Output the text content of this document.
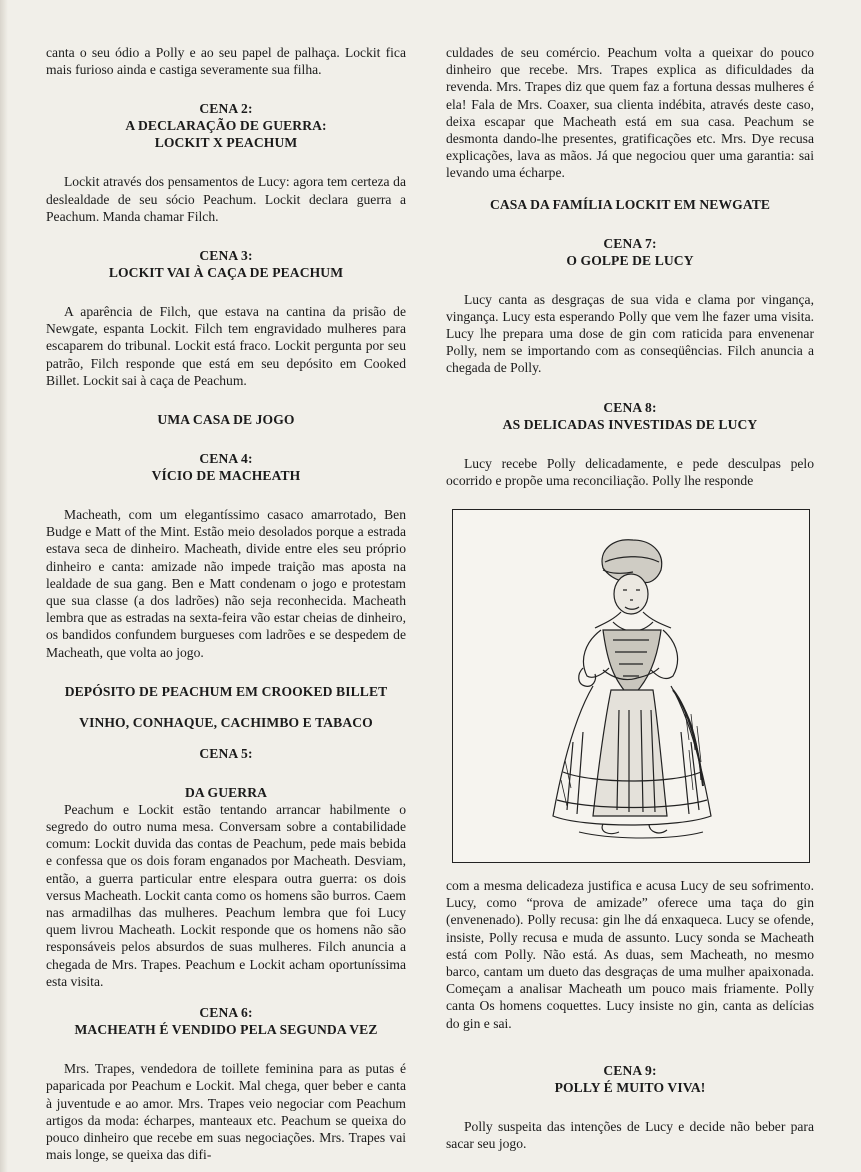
canta o seu ódio a Polly e ao seu papel de palhaça. Lockit fica mais furioso ainda e castiga severamente sua filha.

CENA 2:
A DECLARAÇÃO DE GUERRA:
LOCKIT X PEACHUM

Lockit através dos pensamentos de Lucy: agora tem certeza da deslealdade de seu sócio Peachum. Lockit declara guerra a Peachum. Manda chamar Filch.

CENA 3:
LOCKIT VAI À CAÇA DE PEACHUM

A aparência de Filch, que estava na cantina da prisão de Newgate, espanta Lockit. Filch tem engravidado mulheres para escaparem do tribunal. Lockit está fraco. Lockit pergunta por seu patrão, Filch responde que está em seu depósito em Cooked Billet. Lockit sai à caça de Peachum.

UMA CASA DE JOGO
CENA 4:
VÍCIO DE MACHEATH

Macheath, com um elegantíssimo casaco amarrotado, Ben Budge e Matt of the Mint. Estão meio desolados porque a estrada estava seca de dinheiro. Macheath, divide entre eles seu próprio dinheiro e canta: amizade não impede traição mas aposta na lealdade de sua gang. Ben e Matt condenam o jogo e protestam que sua classe (a dos ladrões) não seja reconhecida. Macheath lembra que as estradas na sexta-feira vão estar cheias de dinheiro, os bandidos confundem burgueses com ladrões e se despedem de Macheath, que volta ao jogo.

DEPÓSITO DE PEACHUM EM CROOKED BILLET
VINHO, CONHAQUE, CACHIMBO E TABACO
CENA 5:
DA GUERRA

Peachum e Lockit estão tentando arrancar habilmente o segredo do outro numa mesa. Conversam sobre a contabilidade comum: Lockit duvida das contas de Peachum, pede mais bebida e confessa que os dois foram enganados por Macheath. Desviam, então, a guerra particular entre elespara outra guerra: os dois versus Macheath. Lockit canta como os homens são burros. Caem nas armadilhas das mulheres. Peachum lembra que foi Lucy quem livrou Macheath. Lockit responde que os homens não são responsáveis pelos absurdos de suas mulheres. Filch anuncia a chegada de Mrs. Trapes. Peachum e Lockit acham oportuníssima esta visita.

CENA 6:
MACHEATH É VENDIDO PELA SEGUNDA VEZ

Mrs. Trapes, vendedora de toillete feminina para as putas é paparicada por Peachum e Lockit. Mal chega, quer beber e canta à juventude e ao amor. Mrs. Trapes veio negociar com Peachum artigos da moda: écharpes, manteaux etc. Peachum se queixa do pouco dinheiro que recebe em suas negociações. Mrs. Trapes vai mais longe, se queixa das difi-

culdades de seu comércio. Peachum volta a queixar do pouco dinheiro que recebe. Mrs. Trapes explica as dificuldades da revenda. Mrs. Trapes diz que quem faz a fortuna dessas mulheres é ela! Fala de Mrs. Coaxer, sua clienta indébita, através deste caso, deixa escapar que Macheath está em sua casa. Peachum se desmonta dando-lhe presentes, gratificações etc. Mrs. Dye recusa explicações, lava as mãos. Já que negociou quer uma garantia: sai levando uma écharpe.

CASA DA FAMÍLIA LOCKIT EM NEWGATE
CENA 7:
O GOLPE DE LUCY

Lucy canta as desgraças de sua vida e clama por vingança, vingança. Lucy esta esperando Polly que vem lhe fazer uma visita. Lucy lhe prepara uma dose de gin com raticida para envenenar Polly, nem se importando com as conseqüências. Filch anuncia a chegada de Polly.

CENA 8:
AS DELICADAS INVESTIDAS DE LUCY

Lucy recebe Polly delicadamente, e pede desculpas pelo ocorrido e propõe uma reconciliação. Polly lhe responde

com a mesma delicadeza justifica e acusa Lucy de seu sofrimento. Lucy, como “prova de amizade” oferece uma taça do gin (envenenado). Polly recusa: gin lhe dá enxaqueca. Lucy se ofende, insiste, Polly recusa e muda de assunto. Lucy sonda se Macheath está com Polly. Não está. As duas, sem Macheath, no mesmo barco, cantam um dueto das desgraças de uma mulher apaixonada. Começam a analisar Macheath um pouco mais friamente. Polly canta Os homens coquettes. Lucy insiste no gin, canta as delícias do gin e sai.

CENA 9:
POLLY É MUITO VIVA!

Polly suspeita das intenções de Lucy e decide não beber para sacar seu jogo.
